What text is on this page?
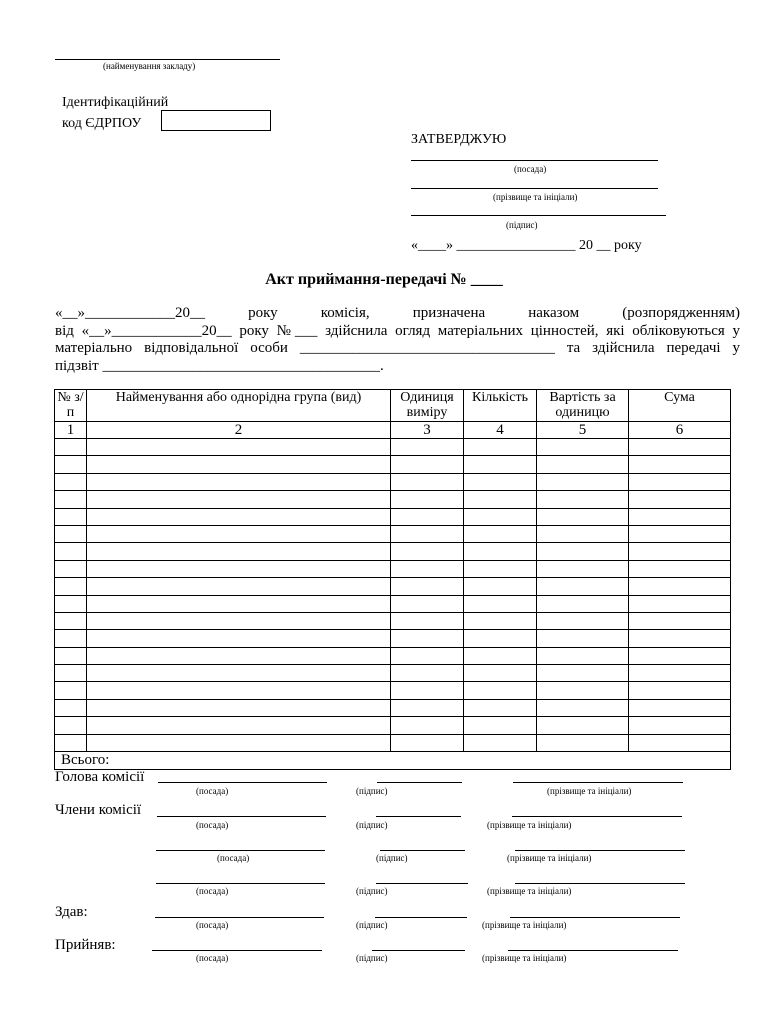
(найменування закладу)
Ідентифікаційний
код ЄДРПОУ
ЗАТВЕРДЖУЮ
(посада)
(прізвище та ініціали)
(підпис)
«____» _________________ 20 __ року
Акт приймання-передачі № ____
«__»____________20__ року комісія, призначена наказом (розпорядженням)
від «__»____________20__ року №___ здійснила огляд матеріальних цінностей, які обліковуються у
матеріально відповідальної особи __________________________________ та здійснила передачі у
підзвіт _____________________________________.
№ з/п	Найменування або однорідна група (вид)	Одиниця виміру	Кількість	Вартість за одиницю	Сума
1	2	3	4	5	6

Всього:					
Голова комісії
(посада)	(підпис)	(прізвище та ініціали)
Члени комісії
(посада)	(підпис)	(прізвище та ініціали)
(посада)	(підпис)	(прізвище та ініціали)
(посада)	(підпис)	(прізвище та ініціали)
Здав:
(посада)	(підпис)	(прізвище та ініціали)
Прийняв:
(посада)	(підпис)	(прізвище та ініціали)
